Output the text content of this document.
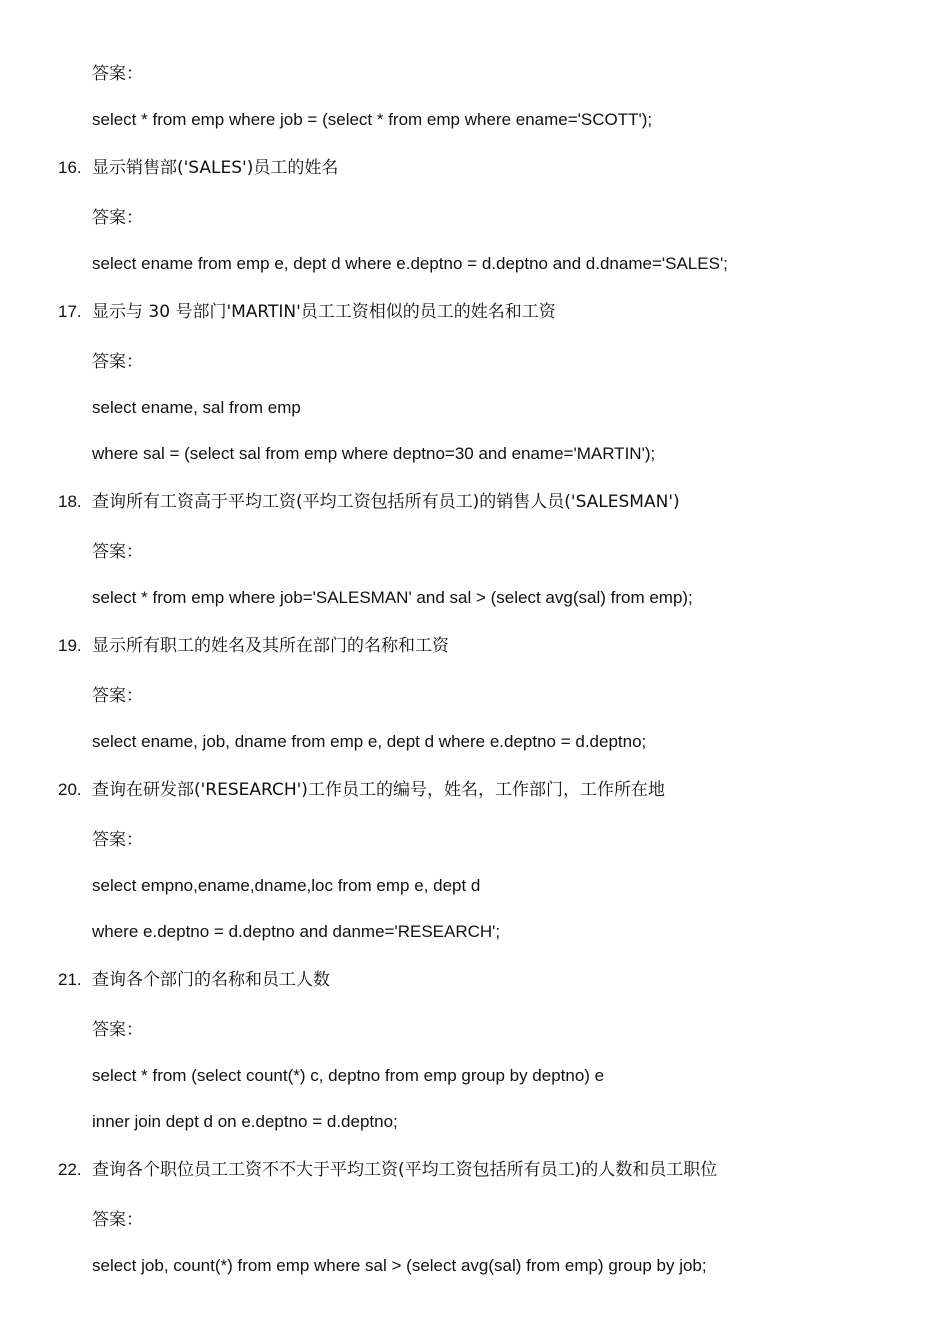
答案：
select * from emp where job = (select * from emp where ename='SCOTT');
16. 显示销售部('SALES')员工的姓名
答案：
select ename from emp e, dept d where e.deptno = d.deptno and d.dname='SALES';
17. 显示与 30 号部门'MARTIN'员工工资相似的员工的姓名和工资
答案：
select ename, sal from emp
where sal = (select sal from emp where deptno=30 and ename='MARTIN');
18. 查询所有工资高于平均工资(平均工资包括所有员工)的销售人员('SALESMAN')
答案：
select * from emp where job='SALESMAN' and sal > (select avg(sal) from emp);
19. 显示所有职工的姓名及其所在部门的名称和工资
答案：
select ename, job, dname from emp e, dept d where e.deptno = d.deptno;
20. 查询在研发部('RESEARCH')工作员工的编号，姓名，工作部门，工作所在地
答案：
select empno,ename,dname,loc from emp e, dept d
where e.deptno = d.deptno and danme='RESEARCH';
21. 查询各个部门的名称和员工人数
答案：
select * from (select count(*) c, deptno from emp group by deptno) e
inner join dept d on e.deptno = d.deptno;
22. 查询各个职位员工工资不不大于平均工资(平均工资包括所有员工)的人数和员工职位
答案：
select job, count(*) from emp where sal > (select avg(sal) from emp) group by job;
